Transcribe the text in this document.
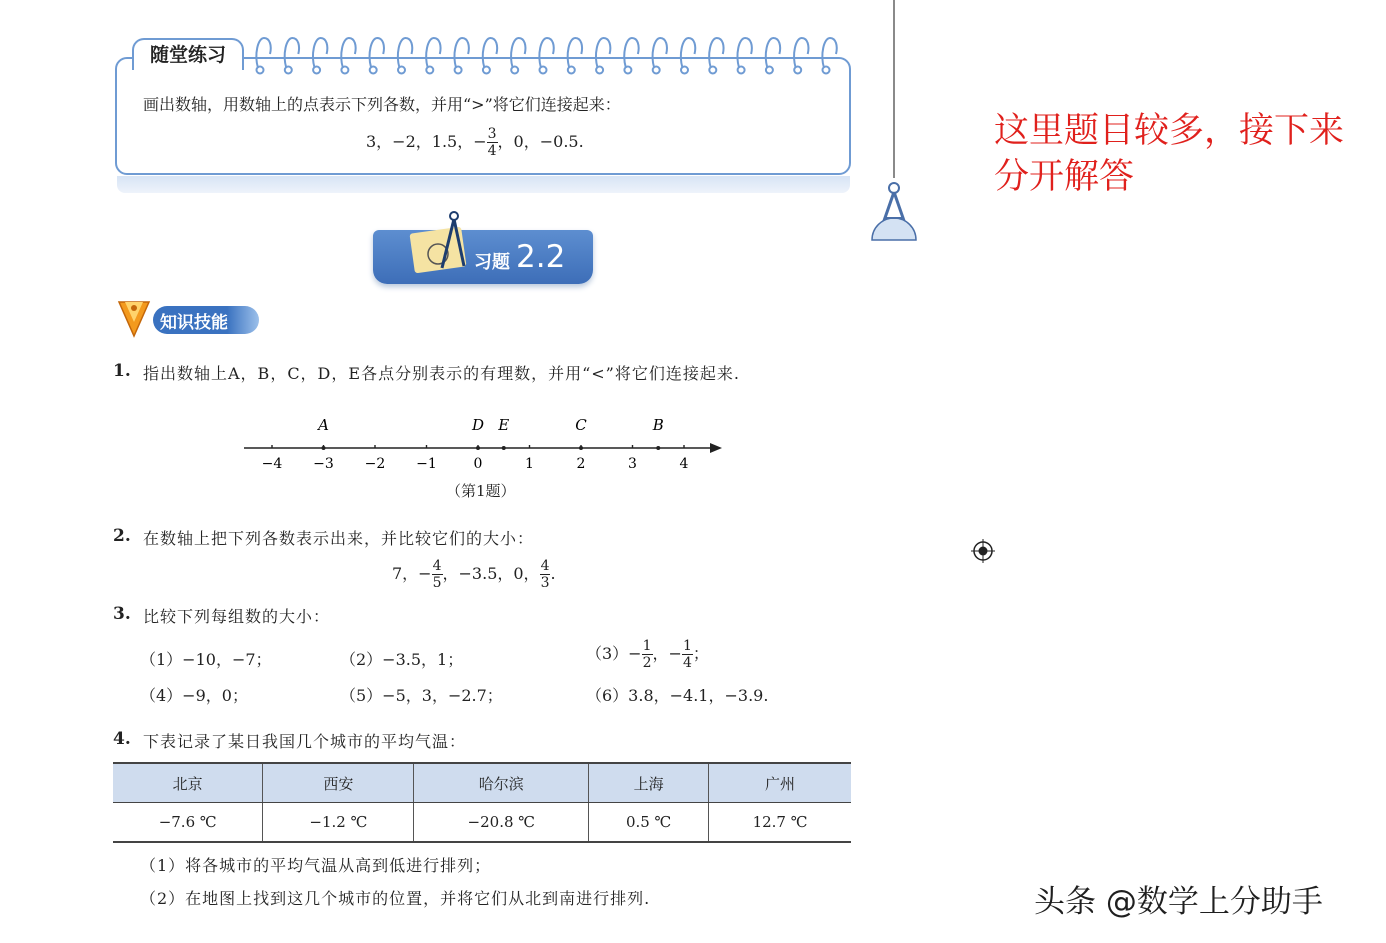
随堂练习
画出数轴，用数轴上的点表示下列各数，并用“>”将它们连接起来：
3，−2，1.5，− $\frac{3}{4}$ ，0，−0.5.	这里题目较多，接下来
分开解答
头条 @数学上分助手
习题 2.2
知识技能
1. 指出数轴上A，B，C，D，E各点分别表示的有理数，并用“<”将它们连接起来.
−4 −3 −2 −1	0	1	2	3	4
A	D E	C	B
（第1题）
2. 在数轴上把下列各数表示出来，并比较它们的大小：
7，− $\frac{4}{5}$ ，−3.5，0， $\frac{4}{3}$ .
3. 比较下列每组数的大小：
（1）−10，−7；	（2）−3.5，1；	$(3)- \frac{1}{2}$ ，− $\frac{1}{4}$ ；
（4）−9，0；	（5）−5，3，−2.7；	（6）3.8，−4.1，−3.9.
4. 下表记录了某日我国几个城市的平均气温：
北京	西安	哈尔滨	上海	广州
−7.6 ℃	−1.2 ℃	−20.8 ℃	0.5 ℃	12.7 ℃
（1）将各城市的平均气温从高到低进行排列；
（2）在地图上找到这几个城市的位置，并将它们从北到南进行排列.
